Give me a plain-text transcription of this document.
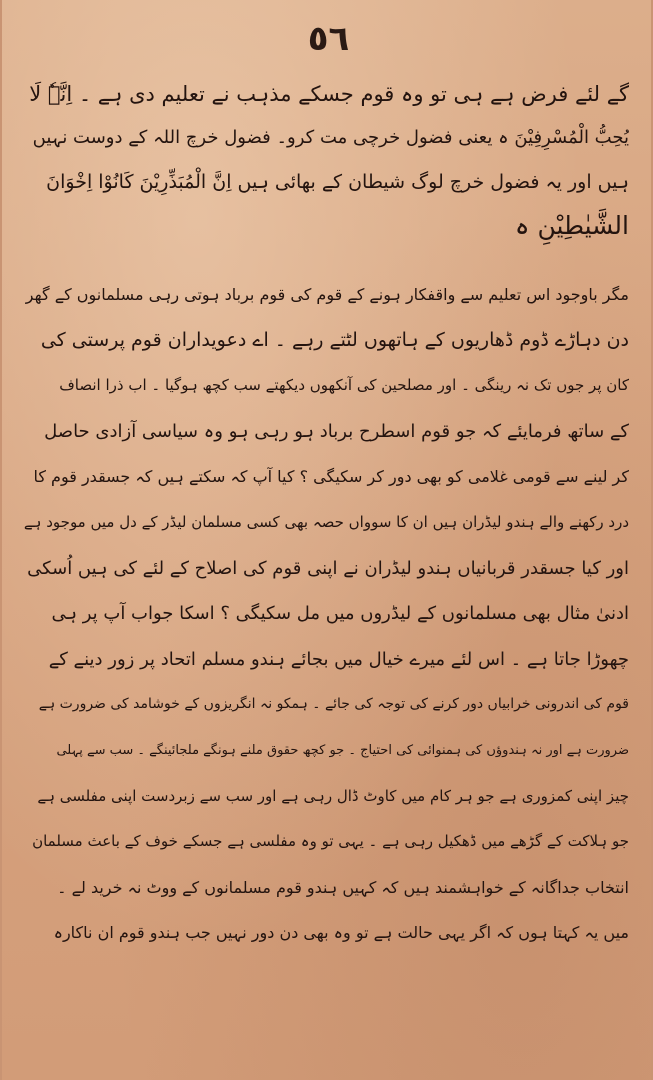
٥٦
گے لئے فرض ہے ہی تو وہ قوم جسکے مذہب نے تعلیم دی ہے ۔ اِنَّہٗ لَا
یُحِبُّ الْمُسْرِفِیْنَ ہ یعنی فضول خرچی مت کرو۔ فضول خرچ اللہ کے دوست نہیں
ہیں اور یہ فضول خرچ لوگ شیطان کے بھائی ہیں اِنَّ الْمُبَذِّرِیْنَ کَانُوْا اِخْوَانَ
الشَّیٰطِیْنِ ہ
مگر باوجود اس تعلیم سے واقفکار ہونے کے قوم کی قوم برباد ہوتی رہی مسلمانوں کے گھر
دن دہاڑے ڈوم ڈھاریوں کے ہاتھوں لٹتے رہے ۔ اے دعویداران قوم پرستی کی
کان پر جوں تک نہ رینگی ۔ اور مصلحین کی آنکھوں دیکھتے سب کچھ ہوگیا ۔ اب ذرا انصاف
کے ساتھ فرمایئے کہ جو قوم اسطرح برباد ہو رہی ہو وہ سیاسی آزادی حاصل
کر لینے سے قومی غلامی کو بھی دور کر سکیگی ؟ کیا آپ کہ سکتے ہیں کہ جسقدر قوم کا
درد رکھنے والے ہندو لیڈران ہیں ان کا سوواں حصہ بھی کسی مسلمان لیڈر کے دل میں موجود ہے
اور کیا جسقدر قربانیاں ہندو لیڈران نے اپنی قوم کی اصلاح کے لئے کی ہیں اُسکی
ادنیٰ مثال بھی مسلمانوں کے لیڈروں میں مل سکیگی ؟ اسکا جواب آپ پر ہی
چھوڑا جاتا ہے ۔ اس لئے میرے خیال میں بجائے ہندو مسلم اتحاد پر زور دینے کے
قوم کی اندرونی خرابیاں دور کرنے کی توجہ کی جائے ۔ ہمکو نہ انگریزوں کے خوشامد کی ضرورت ہے
ضرورت ہے اور نہ ہندوؤں کی ہمنوائی کی احتیاج ۔ جو کچھ حقوق ملنے ہونگے ملجائینگے ۔ سب سے پہلی
چیز اپنی کمزوری ہے جو ہر کام میں کاوٹ ڈال رہی ہے اور سب سے زبردست اپنی مفلسی ہے
جو ہلاکت کے گڑھے میں ڈھکیل رہی ہے ۔ یہی تو وہ مفلسی ہے جسکے خوف کے باعث مسلمان
انتخاب جداگانہ کے خواہشمند ہیں کہ کہیں ہندو قوم مسلمانوں کے ووٹ نہ خرید لے ۔
میں یہ کہتا ہوں کہ اگر یہی حالت ہے تو وہ بھی دن دور نہیں جب ہندو قوم ان ناکارہ
